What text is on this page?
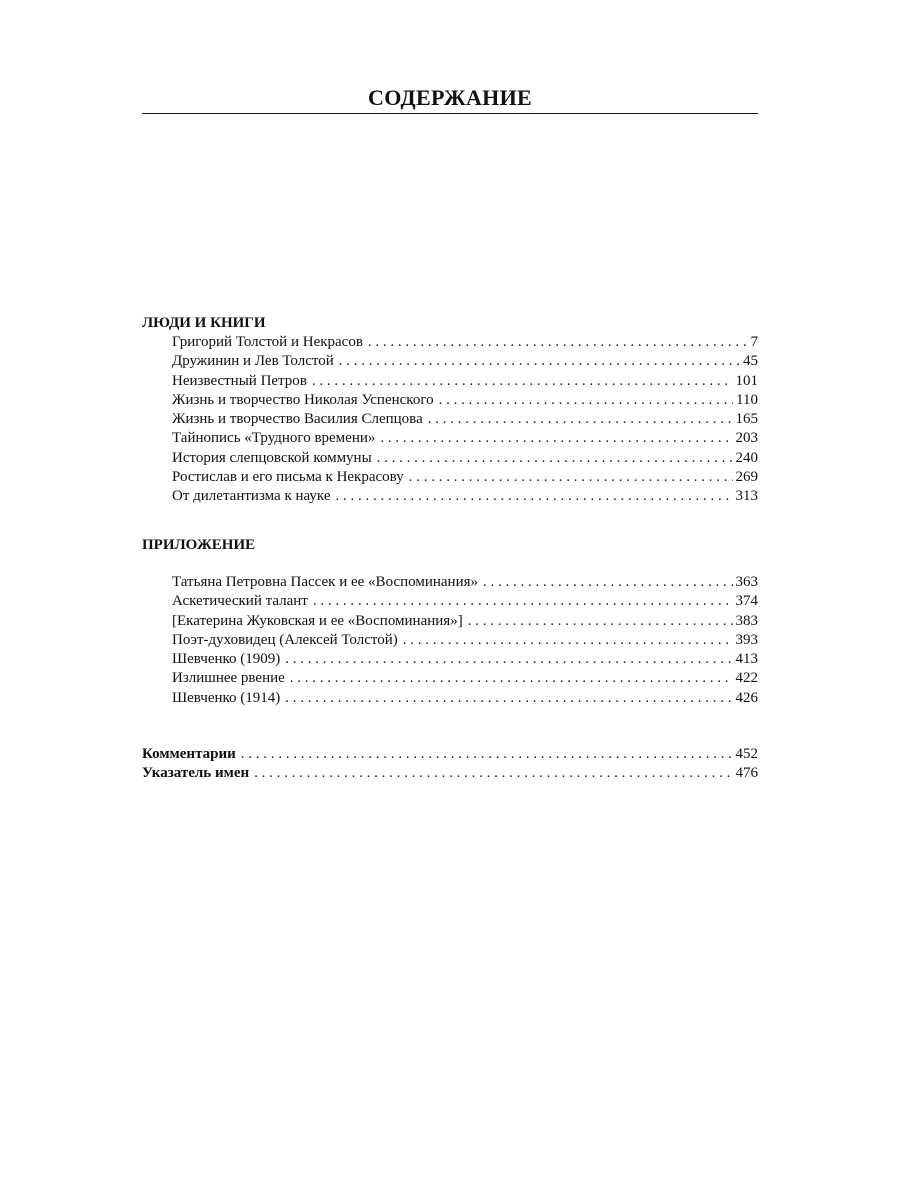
СОДЕРЖАНИЕ
ЛЮДИ И КНИГИ
Григорий Толстой и Некрасов . . .	7
Дружинин и Лев Толстой . . .	45
Неизвестный Петров . . .	101
Жизнь и творчество Николая Успенского . . .	110
Жизнь и творчество Василия Слепцова . . .	165
Тайнопись «Трудного времени» . . .	203
История слепцовской коммуны . . .	240
Ростислав и его письма к Некрасову . . .	269
От дилетантизма к науке . . .	313
ПРИЛОЖЕНИЕ
Татьяна Петровна Пассек и ее «Воспоминания» . . .	363
Аскетический талант . . .	374
[Екатерина Жуковская и ее «Воспоминания»] . . .	383
Поэт-духовидец (Алексей Толстой) . . .	393
Шевченко (1909) . . .	413
Излишнее рвение . . .	422
Шевченко (1914) . . .	426
Комментарии . . .	452
Указатель имен . . .	476
